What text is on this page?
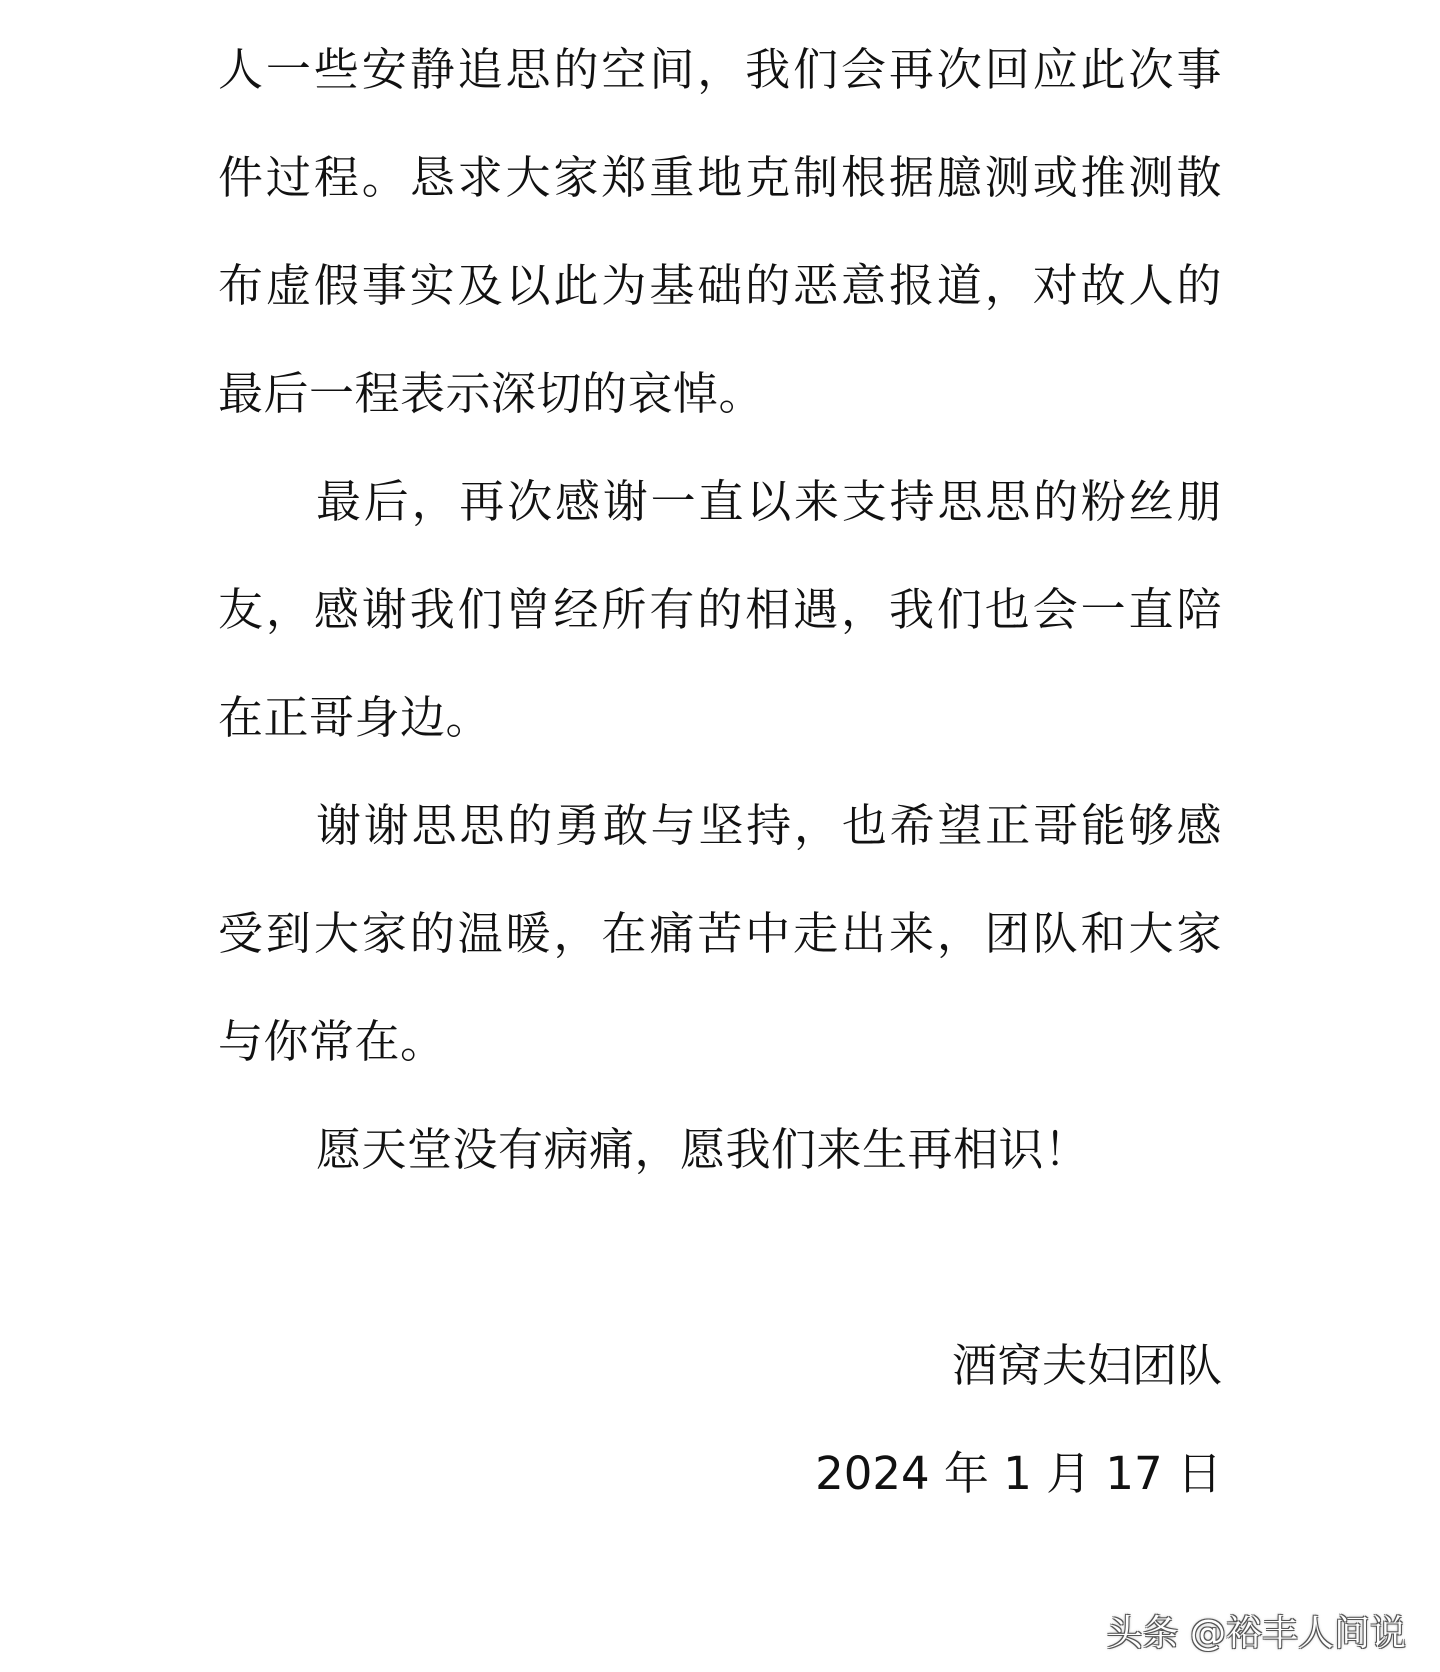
人一些安静追思的空间，我们会再次回应此次事
件过程。恳求大家郑重地克制根据臆测或推测散
布虚假事实及以此为基础的恶意报道，对故人的
最后一程表示深切的哀悼。
最后，再次感谢一直以来支持思思的粉丝朋
友，感谢我们曾经所有的相遇，我们也会一直陪
在正哥身边。
谢谢思思的勇敢与坚持，也希望正哥能够感
受到大家的温暖，在痛苦中走出来，团队和大家
与你常在。
愿天堂没有病痛，愿我们来生再相识！
酒窝夫妇团队
2024 年 1 月 17 日
头条 @裕丰人间说
